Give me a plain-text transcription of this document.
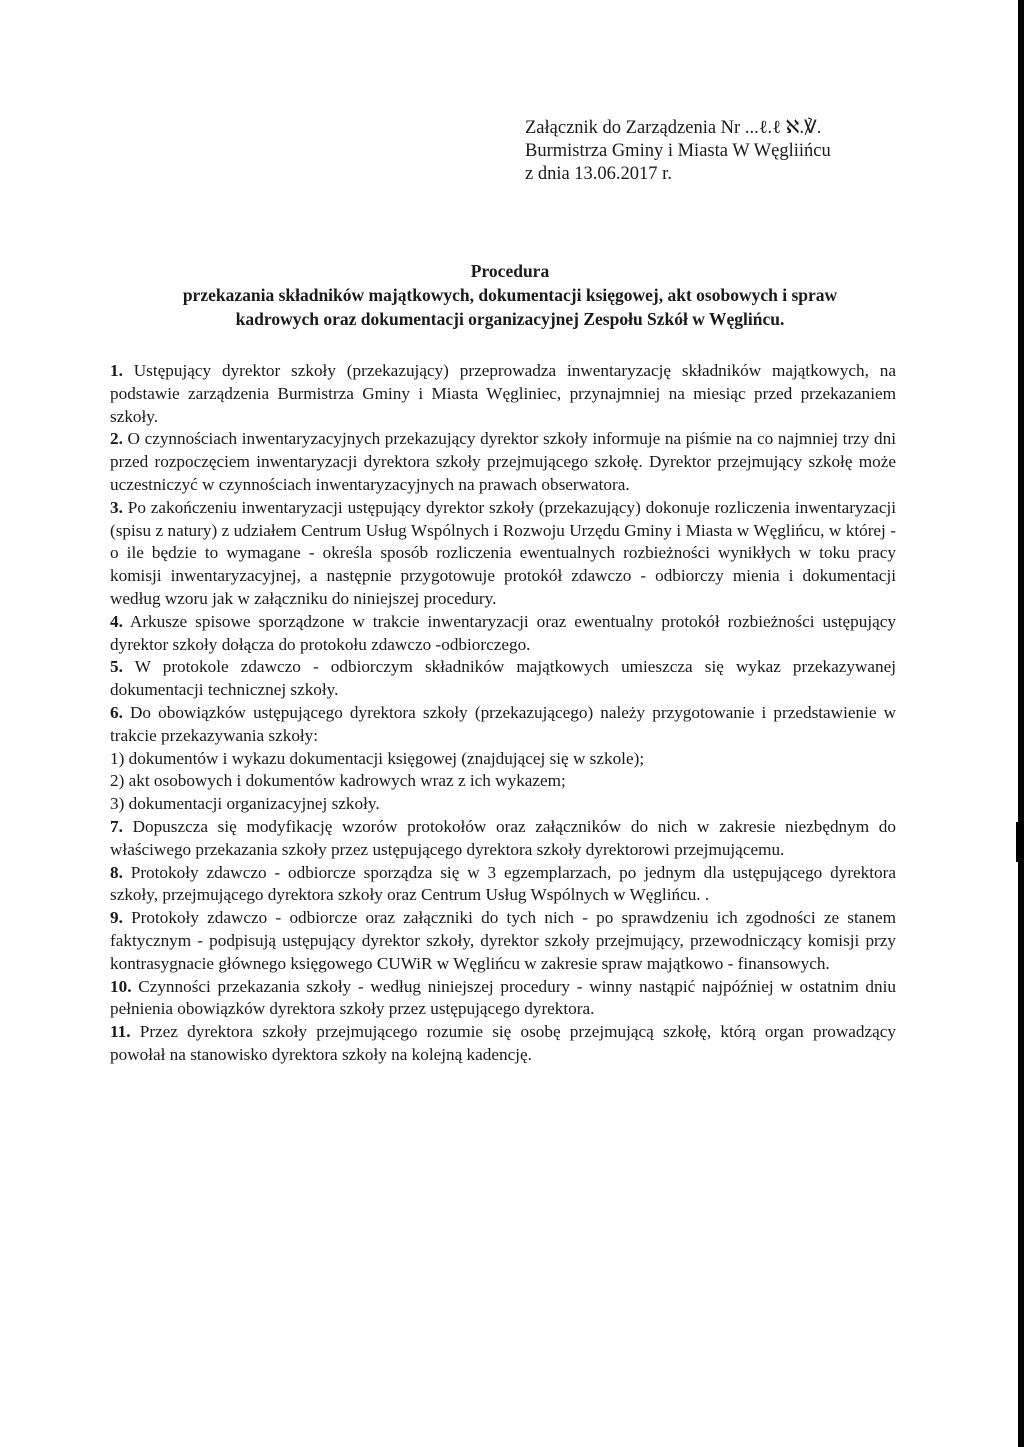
Załącznik do Zarządzenia Nr ...ℓ.ℓ ℵ.℣.
Burmistrza Gminy i Miasta W Węgliińcu
z dnia 13.06.2017 r.
Procedura
przekazania składników majątkowych, dokumentacji księgowej, akt osobowych i spraw
kadrowych oraz dokumentacji organizacyjnej Zespołu Szkół w Węglińcu.

1. Ustępujący dyrektor szkoły (przekazujący) przeprowadza inwentaryzację składników majątkowych, na podstawie zarządzenia Burmistrza Gminy i Miasta Węgliniec, przynajmniej na miesiąc przed przekazaniem szkoły.

2. O czynnościach inwentaryzacyjnych przekazujący dyrektor szkoły informuje na piśmie na co najmniej trzy dni przed rozpoczęciem inwentaryzacji dyrektora szkoły przejmującego szkołę. Dyrektor przejmujący szkołę może uczestniczyć w czynnościach inwentaryzacyjnych na prawach obserwatora.

3. Po zakończeniu inwentaryzacji ustępujący dyrektor szkoły (przekazujący) dokonuje rozliczenia inwentaryzacji (spisu z natury) z udziałem Centrum Usług Wspólnych i Rozwoju Urzędu Gminy i Miasta w Węglińcu, w której - o ile będzie to wymagane - określa sposób rozliczenia ewentualnych rozbieżności wynikłych w toku pracy komisji inwentaryzacyjnej, a następnie przygotowuje protokół zdawczo - odbiorczy mienia i dokumentacji według wzoru jak w załączniku do niniejszej procedury.

4. Arkusze spisowe sporządzone w trakcie inwentaryzacji oraz ewentualny protokół rozbieżności ustępujący dyrektor szkoły dołącza do protokołu zdawczo -odbiorczego.

5. W protokole zdawczo - odbiorczym składników majątkowych umieszcza się wykaz przekazywanej dokumentacji technicznej szkoły.

6. Do obowiązków ustępującego dyrektora szkoły (przekazującego) należy przygotowanie i przedstawienie w trakcie przekazywania szkoły:

1) dokumentów i wykazu dokumentacji księgowej (znajdującej się w szkole);

2) akt osobowych i dokumentów kadrowych wraz z ich wykazem;

3) dokumentacji organizacyjnej szkoły.

7. Dopuszcza się modyfikację wzorów protokołów oraz załączników do nich w zakresie niezbędnym do właściwego przekazania szkoły przez ustępującego dyrektora szkoły dyrektorowi przejmującemu.

8. Protokoły zdawczo - odbiorcze sporządza się w 3 egzemplarzach, po jednym dla ustępującego dyrektora szkoły, przejmującego dyrektora szkoły oraz Centrum Usług Wspólnych w Węglińcu. .

9. Protokoły zdawczo - odbiorcze oraz załączniki do tych nich - po sprawdzeniu ich zgodności ze stanem faktycznym - podpisują ustępujący dyrektor szkoły, dyrektor szkoły przejmujący, przewodniczący komisji przy kontrasygnacie głównego księgowego CUWiR w Węglińcu w zakresie spraw majątkowo - finansowych.

10. Czynności przekazania szkoły - według niniejszej procedury - winny nastąpić najpóźniej w ostatnim dniu pełnienia obowiązków dyrektora szkoły przez ustępującego dyrektora.

11. Przez dyrektora szkoły przejmującego rozumie się osobę przejmującą szkołę, którą organ prowadzący powołał na stanowisko dyrektora szkoły na kolejną kadencję.
